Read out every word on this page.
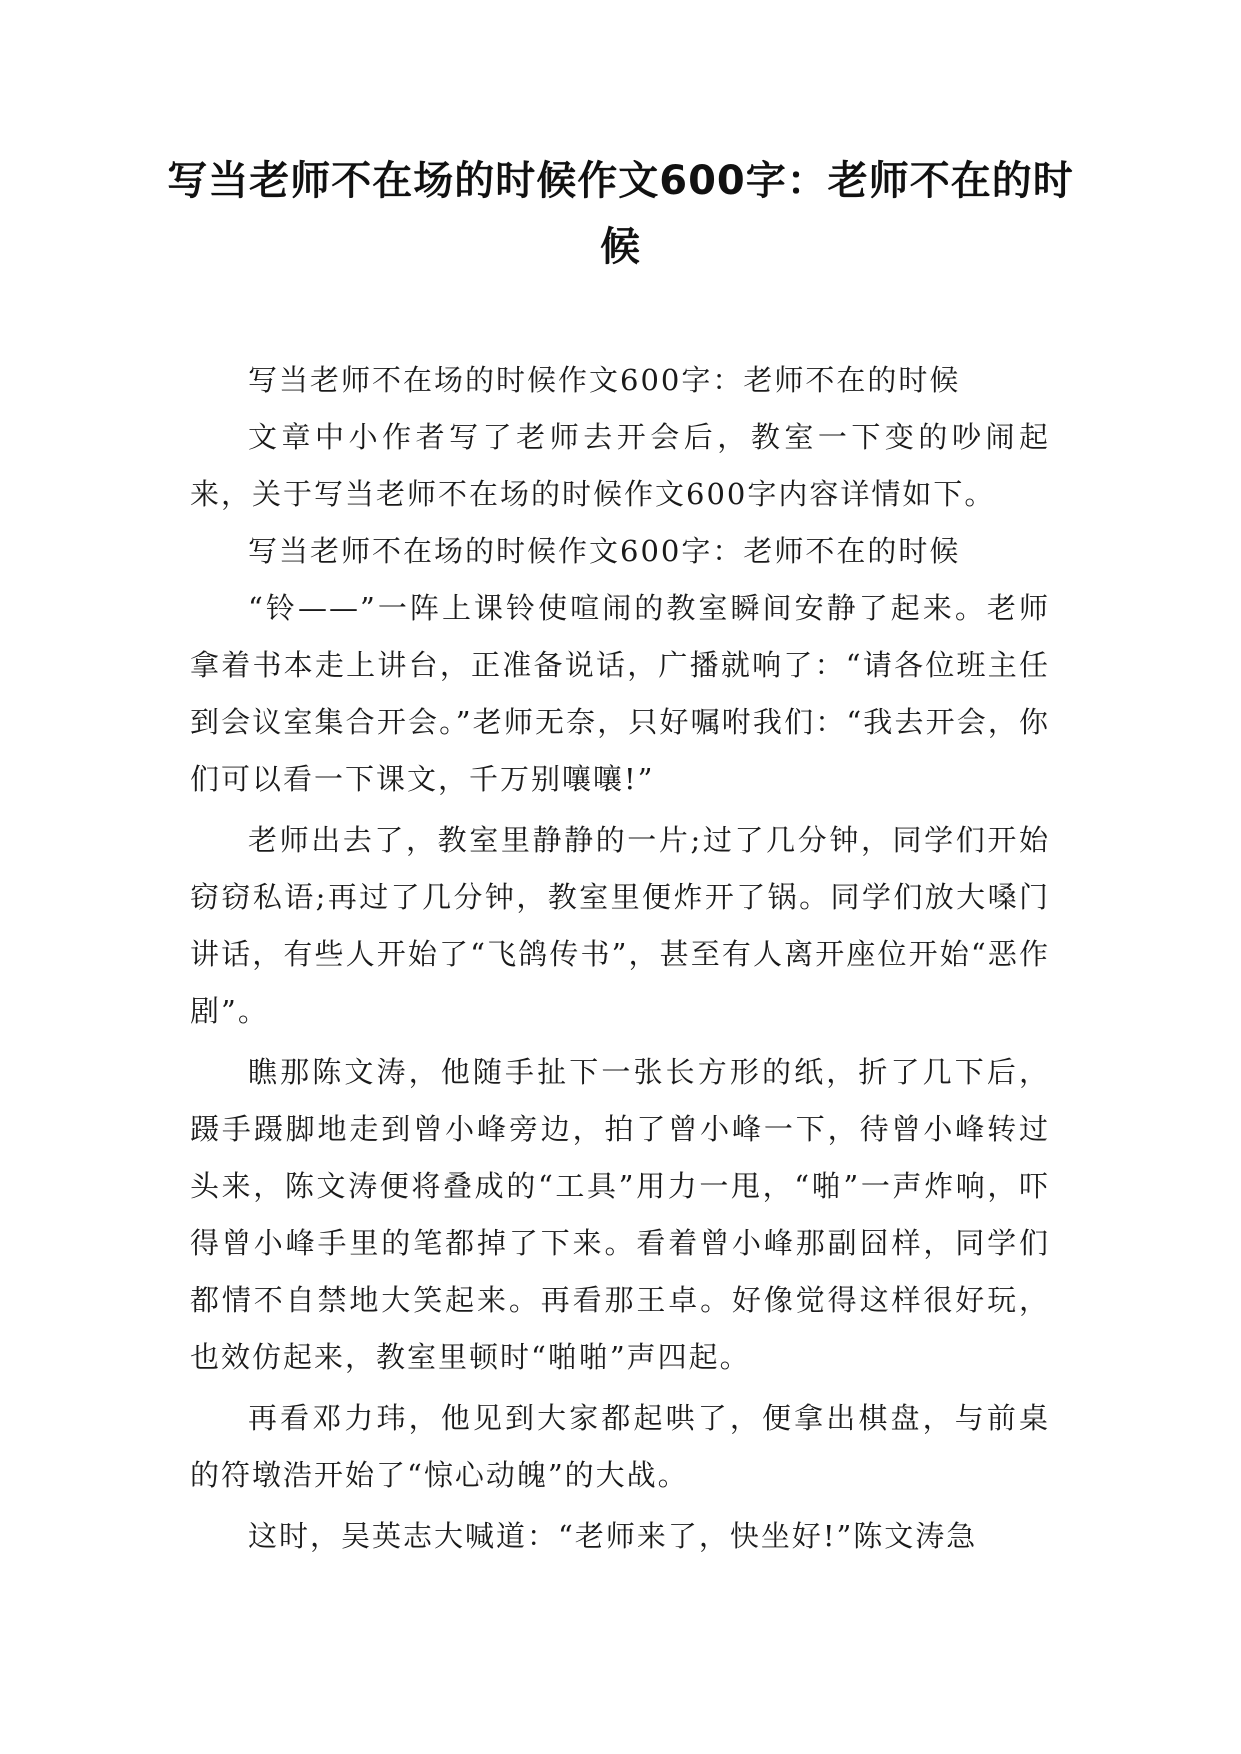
写当老师不在场的时候作文600字：老师不在的时候

写当老师不在场的时候作文600字：老师不在的时候

文章中小作者写了老师去开会后，教室一下变的吵闹起来，关于写当老师不在场的时候作文600字内容详情如下。

写当老师不在场的时候作文600字：老师不在的时候

“铃——”一阵上课铃使喧闹的教室瞬间安静了起来。老师拿着书本走上讲台，正准备说话，广播就响了：“请各位班主任到会议室集合开会。”老师无奈，只好嘱咐我们：“我去开会，你们可以看一下课文，千万别嚷嚷!”

老师出去了，教室里静静的一片;过了几分钟，同学们开始窃窃私语;再过了几分钟，教室里便炸开了锅。同学们放大嗓门讲话，有些人开始了“飞鸽传书”，甚至有人离开座位开始“恶作剧”。

瞧那陈文涛，他随手扯下一张长方形的纸，折了几下后，蹑手蹑脚地走到曾小峰旁边，拍了曾小峰一下，待曾小峰转过头来，陈文涛便将叠成的“工具”用力一甩，“啪”一声炸响，吓得曾小峰手里的笔都掉了下来。看着曾小峰那副囧样，同学们都情不自禁地大笑起来。再看那王卓。好像觉得这样很好玩，也效仿起来，教室里顿时“啪啪”声四起。

再看邓力玮，他见到大家都起哄了，便拿出棋盘，与前桌的符墩浩开始了“惊心动魄”的大战。

这时，吴英志大喊道：“老师来了，快坐好!”陈文涛急
